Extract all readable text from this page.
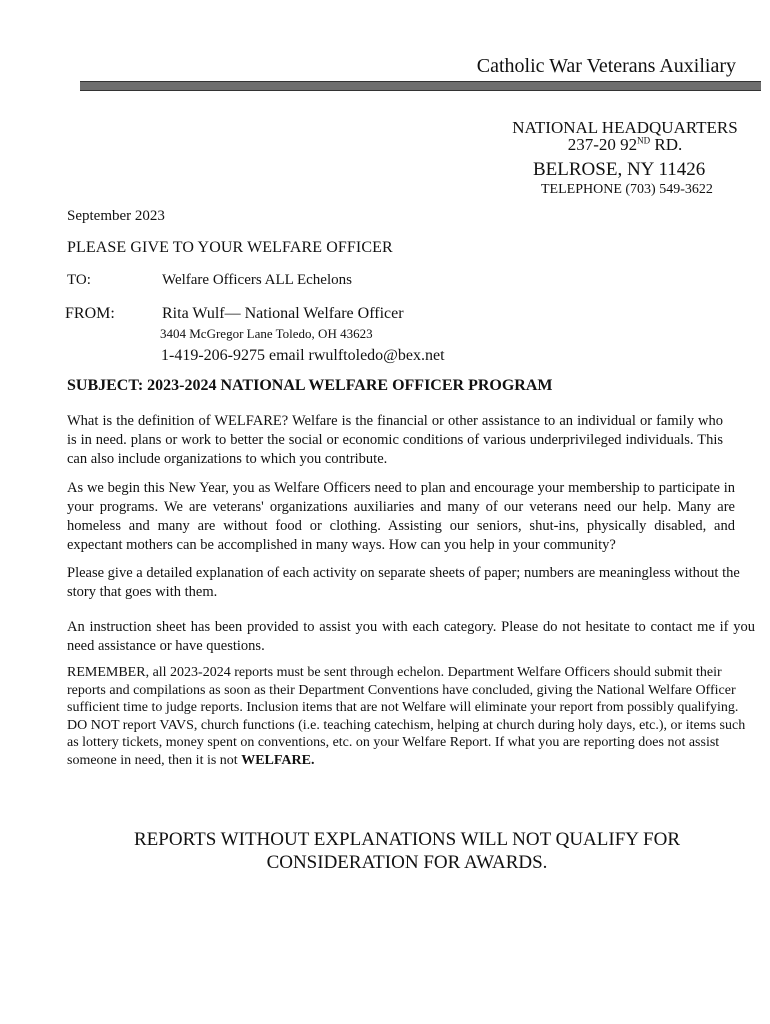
Catholic War Veterans Auxiliary
NATIONAL HEADQUARTERS
237-20 92ND RD.
BELROSE, NY 11426
TELEPHONE (703) 549-3622
September 2023
PLEASE GIVE TO YOUR WELFARE OFFICER
TO:	Welfare Officers ALL Echelons
FROM:	Rita Wulf— National Welfare Officer
3404 McGregor Lane Toledo, OH 43623
1-419-206-9275 email rwulftoledo@bex.net
SUBJECT: 2023-2024 NATIONAL WELFARE OFFICER PROGRAM
What is the definition of WELFARE? Welfare is the financial or other assistance to an individual or family who is in need. plans or work to better the social or economic conditions of various underprivileged individuals. This can also include organizations to which you contribute.
As we begin this New Year, you as Welfare Officers need to plan and encourage your membership to participate in your programs. We are veterans' organizations auxiliaries and many of our veterans need our help. Many are homeless and many are without food or clothing. Assisting our seniors, shut-ins, physically disabled, and expectant mothers can be accomplished in many ways. How can you help in your community?
Please give a detailed explanation of each activity on separate sheets of paper; numbers are meaningless without the story that goes with them.
An instruction sheet has been provided to assist you with each category. Please do not hesitate to contact me if you need assistance or have questions.
REMEMBER, all 2023-2024 reports must be sent through echelon. Department Welfare Officers should submit their reports and compilations as soon as their Department Conventions have concluded, giving the National Welfare Officer sufficient time to judge reports. Inclusion items that are not Welfare will eliminate your report from possibly qualifying. DO NOT report VAVS, church functions (i.e. teaching catechism, helping at church during holy days, etc.), or items such as lottery tickets, money spent on conventions, etc. on your Welfare Report. If what you are reporting does not assist someone in need, then it is not WELFARE.
REPORTS WITHOUT EXPLANATIONS WILL NOT QUALIFY FOR CONSIDERATION FOR AWARDS.
